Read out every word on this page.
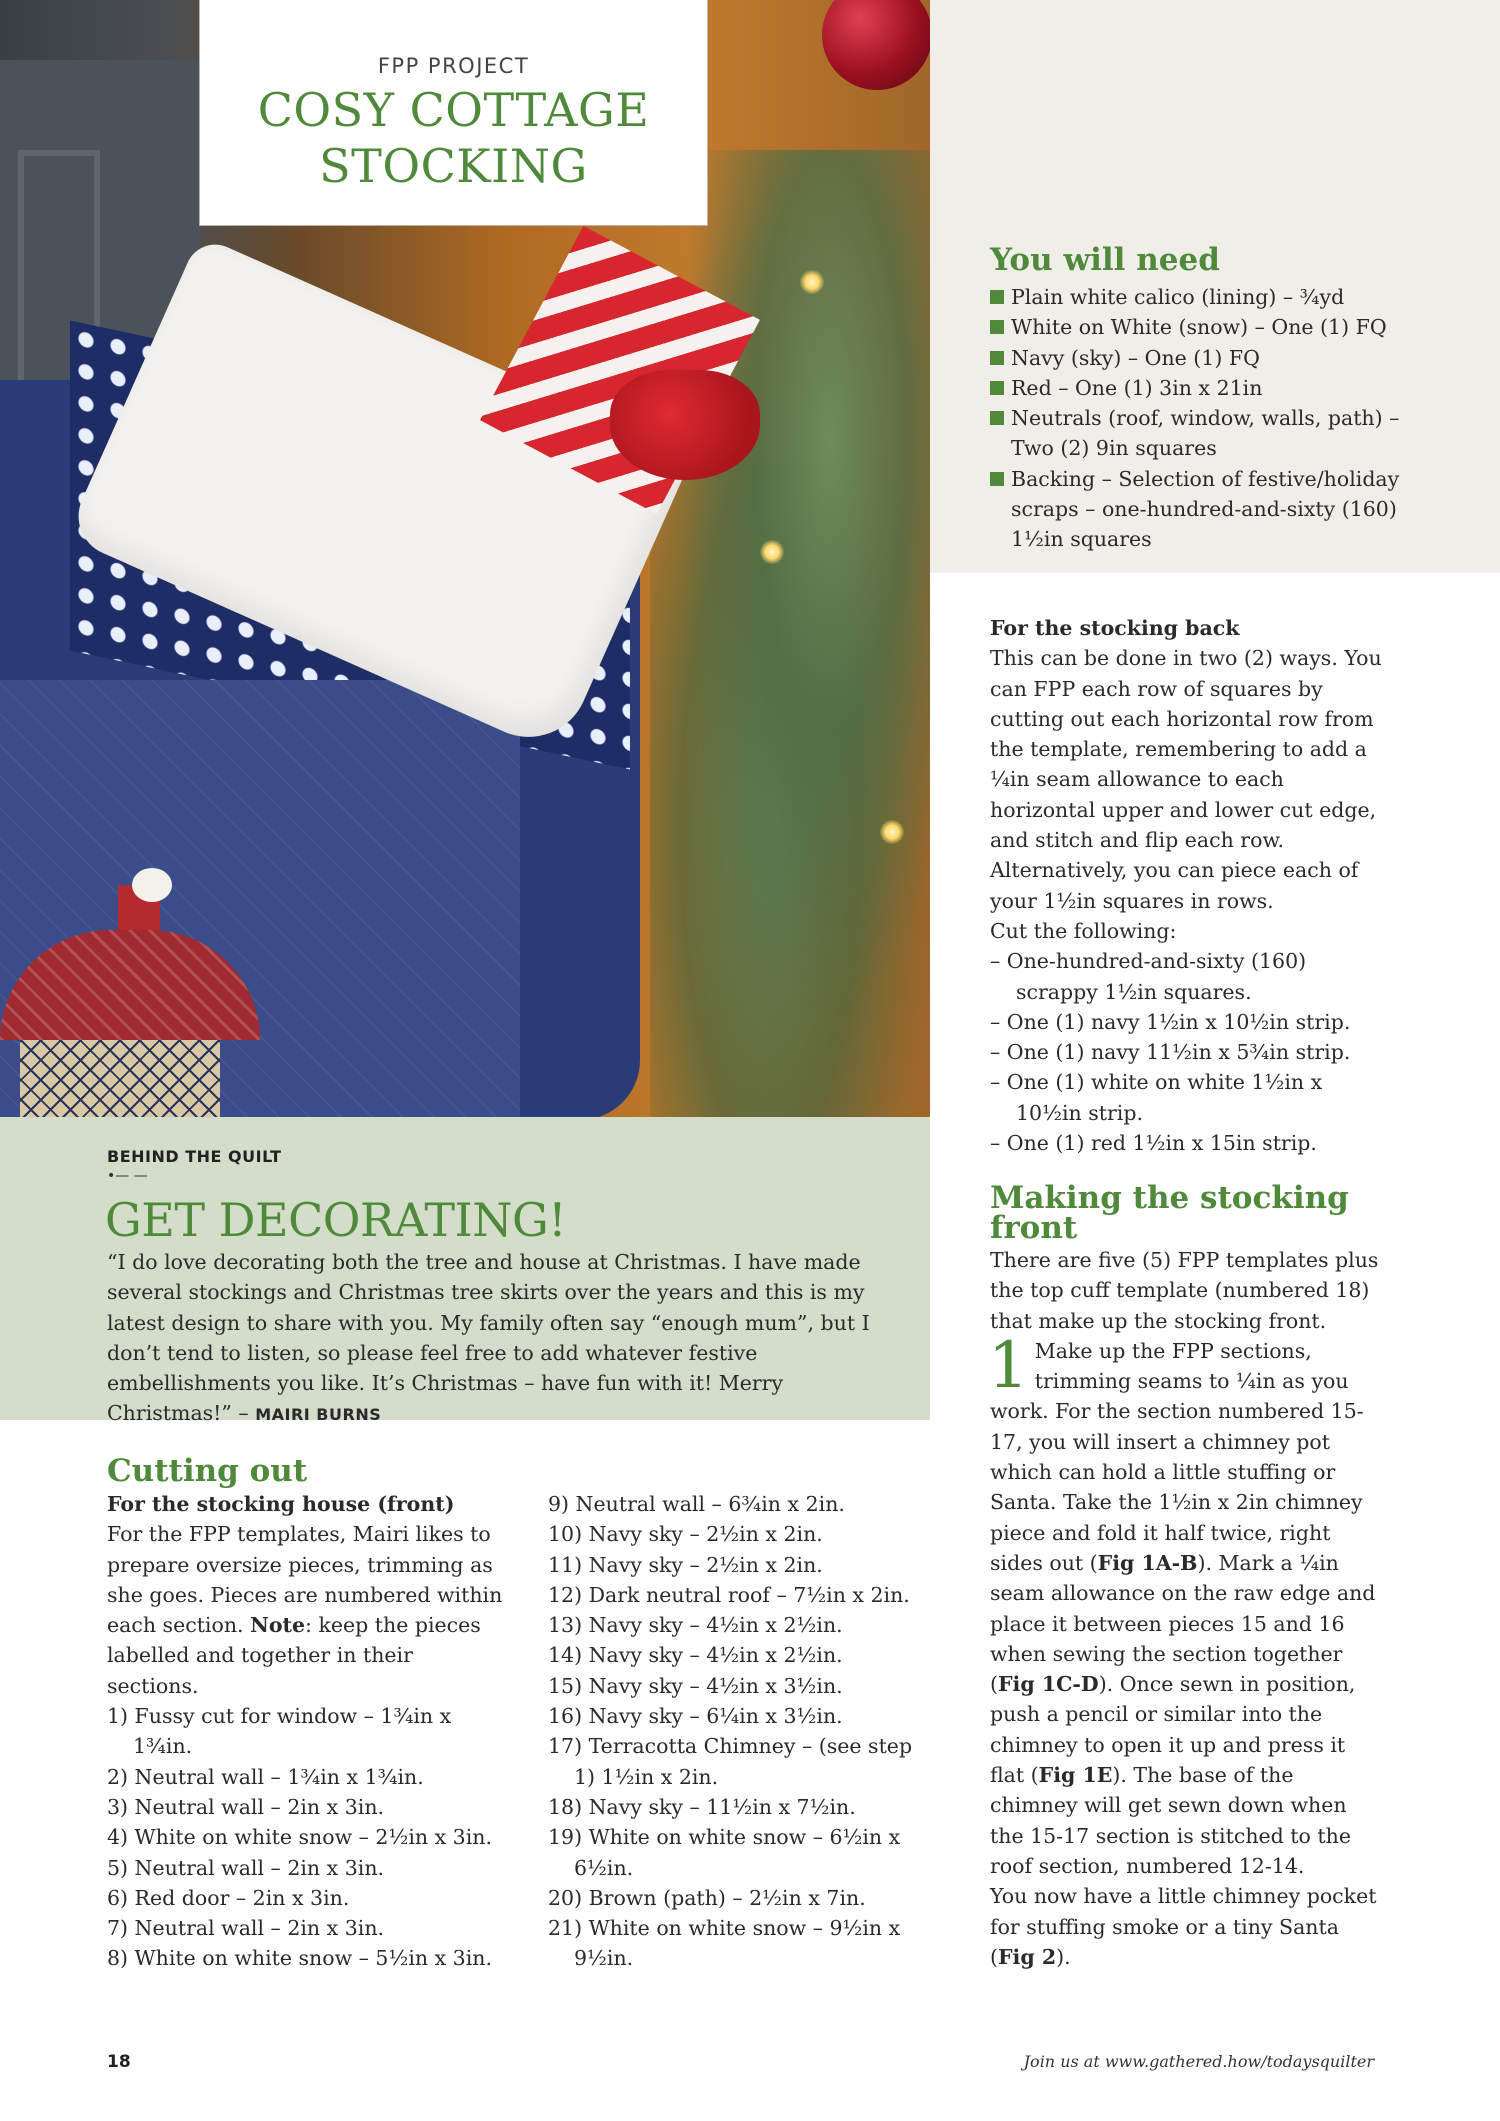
FPP PROJECT
COSY COTTAGE
STOCKING
You will need
Plain white calico (lining) – ¾yd
White on White (snow) – One (1) FQ
Navy (sky) – One (1) FQ
Red – One (1) 3in x 21in
Neutrals (roof, window, walls, path) – Two (2) 9in squares
Backing – Selection of festive/holiday scraps – one-hundred-and-sixty (160) 1½in squares
For the stocking back
This can be done in two (2) ways. You can FPP each row of squares by cutting out each horizontal row from the template, remembering to add a ¼in seam allowance to each horizontal upper and lower cut edge, and stitch and flip each row. Alternatively, you can piece each of your 1½in squares in rows.
Cut the following:
– One-hundred-and-sixty (160) scrappy 1½in squares.
– One (1) navy 1½in x 10½in strip.
– One (1) navy 11½in x 5¾in strip.
– One (1) white on white 1½in x 10½in strip.
– One (1) red 1½in x 15in strip.
BEHIND THE QUILT
•— —
GET DECORATING!
“I do love decorating both the tree and house at Christmas. I have made several stockings and Christmas tree skirts over the years and this is my latest design to share with you. My family often say “enough mum”, but I don’t tend to listen, so please feel free to add whatever festive embellishments you like. It’s Christmas – have fun with it! Merry Christmas!” – MAIRI BURNS
Cutting out
For the stocking house (front)
For the FPP templates, Mairi likes to prepare oversize pieces, trimming as she goes. Pieces are numbered within each section. Note: keep the pieces labelled and together in their sections.
1) Fussy cut for window – 1¾in x 1¾in.
2) Neutral wall – 1¾in x 1¾in.
3) Neutral wall – 2in x 3in.
4) White on white snow – 2½in x 3in.
5) Neutral wall – 2in x 3in.
6) Red door – 2in x 3in.
7) Neutral wall – 2in x 3in.
8) White on white snow – 5½in x 3in.
9) Neutral wall – 6¾in x 2in.
10) Navy sky – 2½in x 2in.
11) Navy sky – 2½in x 2in.
12) Dark neutral roof – 7½in x 2in.
13) Navy sky – 4½in x 2½in.
14) Navy sky – 4½in x 2½in.
15) Navy sky – 4½in x 3½in.
16) Navy sky – 6¼in x 3½in.
17) Terracotta Chimney – (see step 1) 1½in x 2in.
18) Navy sky – 11½in x 7½in.
19) White on white snow – 6½in x 6½in.
20) Brown (path) – 2½in x 7in.
21) White on white snow – 9½in x 9½in.
Making the stocking front
There are five (5) FPP templates plus the top cuff template (numbered 18) that make up the stocking front.
1 Make up the FPP sections, trimming seams to ¼in as you work. For the section numbered 15-17, you will insert a chimney pot which can hold a little stuffing or Santa. Take the 1½in x 2in chimney piece and fold it half twice, right sides out (Fig 1A-B). Mark a ¼in seam allowance on the raw edge and place it between pieces 15 and 16 when sewing the section together (Fig 1C-D). Once sewn in position, push a pencil or similar into the chimney to open it up and press it flat (Fig 1E). The base of the chimney will get sewn down when the 15-17 section is stitched to the roof section, numbered 12-14.
You now have a little chimney pocket for stuffing smoke or a tiny Santa (Fig 2).
18	Join us at www.gathered.how/todaysquilter
